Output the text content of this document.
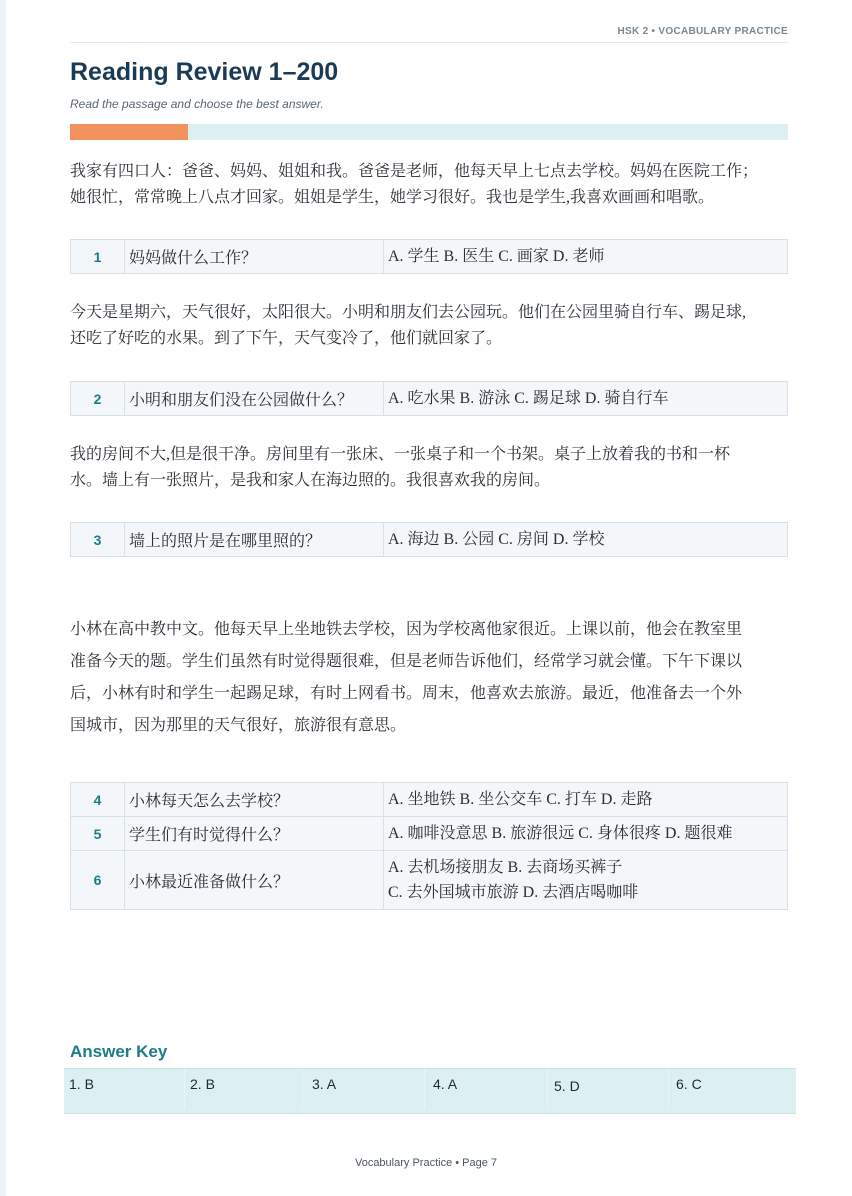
HSK 2 • VOCABULARY PRACTICE
Reading Review 1–200
Read the passage and choose the best answer.

我家有四口人：爸爸、妈妈、姐姐和我。爸爸是老师，他每天早上七点去学校。妈妈在医院工作；
她很忙，常常晚上八点才回家。姐姐是学生，她学习很好。我也是学生,我喜欢画画和唱歌。

1	妈妈做什么工作？	A. 学生 B. 医生 C. 画家 D. 老师

今天是星期六，天气很好，太阳很大。小明和朋友们去公园玩。他们在公园里骑自行车、踢足球,
还吃了好吃的水果。到了下午，天气变冷了，他们就回家了。

2	小明和朋友们没在公园做什么？	A. 吃水果 B. 游泳 C. 踢足球 D. 骑自行车

我的房间不大,但是很干净。房间里有一张床、一张桌子和一个书架。桌子上放着我的书和一杯
水。墙上有一张照片，是我和家人在海边照的。我很喜欢我的房间。

3	墙上的照片是在哪里照的？	A. 海边 B. 公园 C. 房间 D. 学校

小林在高中教中文。他每天早上坐地铁去学校，因为学校离他家很近。上课以前，他会在教室里
准备今天的题。学生们虽然有时觉得题很难，但是老师告诉他们，经常学习就会懂。下午下课以
后，小林有时和学生一起踢足球，有时上网看书。周末，他喜欢去旅游。最近，他准备去一个外
国城市，因为那里的天气很好，旅游很有意思。

4	小林每天怎么去学校？	A. 坐地铁 B. 坐公交车 C. 打车 D. 走路
5	学生们有时觉得什么？	A. 咖啡没意思 B. 旅游很远 C. 身体很疼 D. 题很难
6	小林最近准备做什么？	A. 去机场接朋友 B. 去商场买裤子
C. 去外国城市旅游 D. 去酒店喝咖啡
Answer Key
1. B	2. B	3. A	4. A	5. D	6. C
Vocabulary Practice • Page 7
